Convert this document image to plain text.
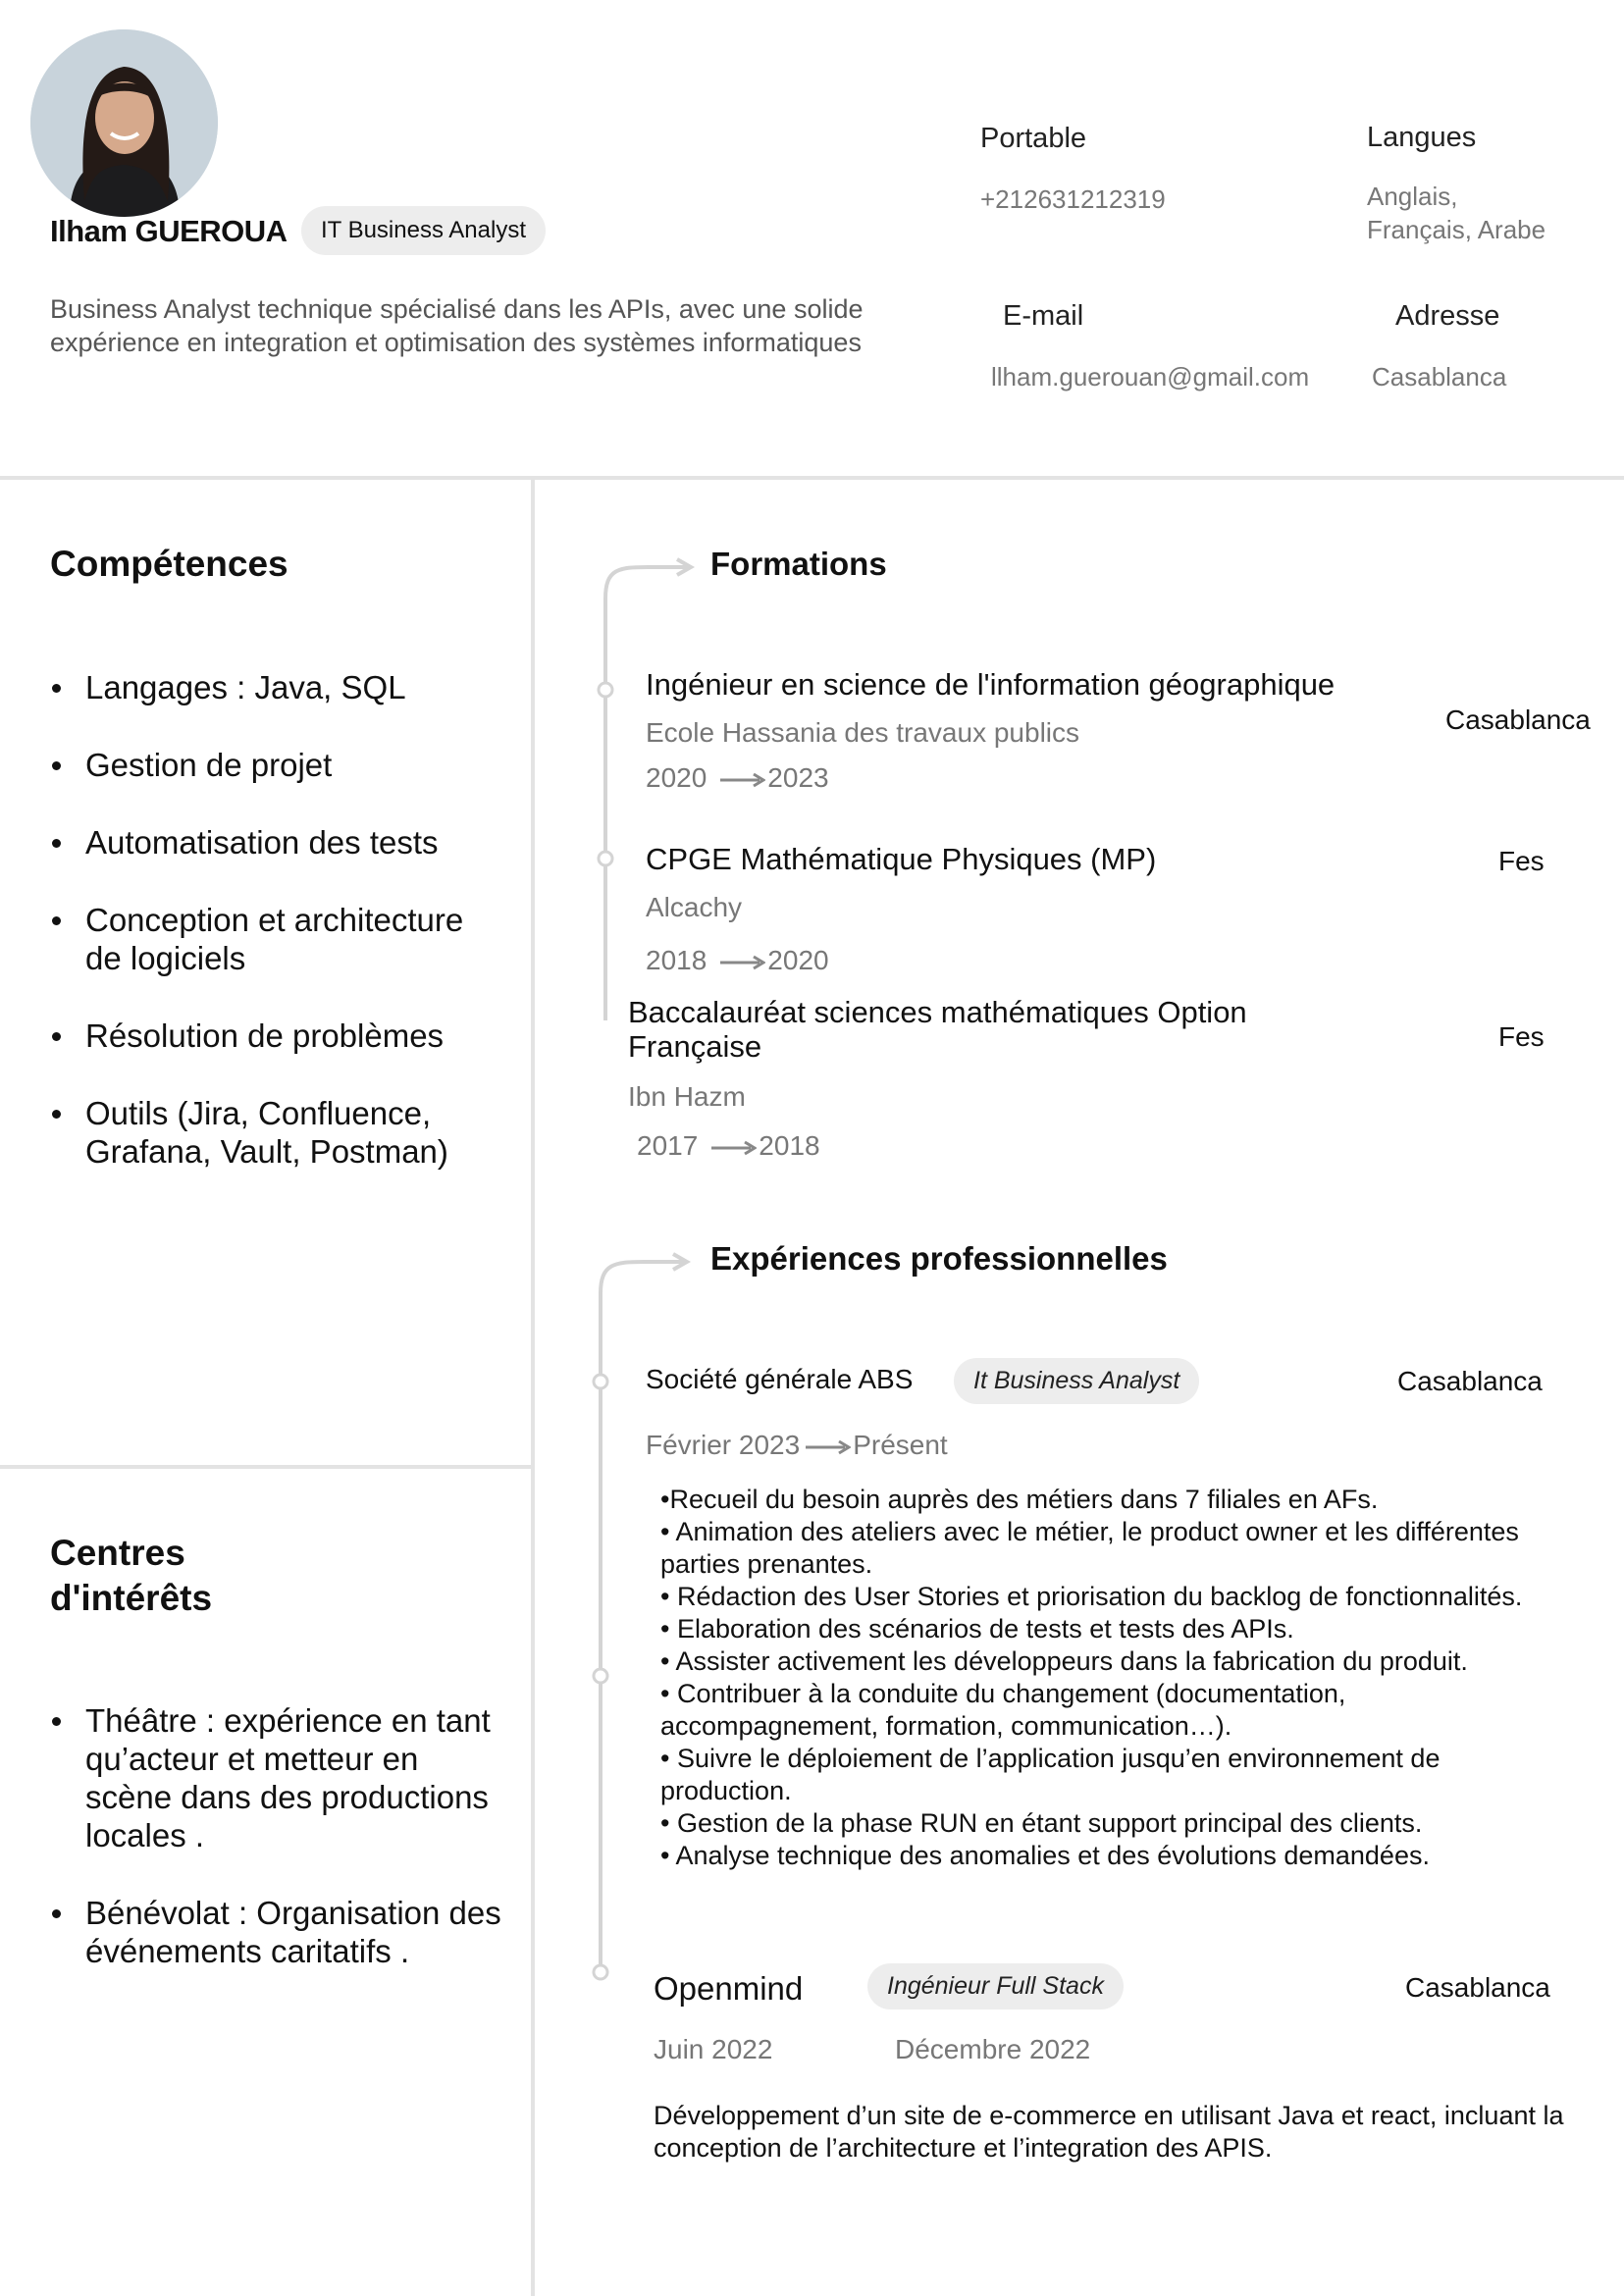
Ilham GUEROUA	IT Business Analyst
Business Analyst technique spécialisé dans les APIs, avec une solide expérience en integration et optimisation des systèmes informatiques
Portable
+212631212319
Langues
Anglais,
Français, Arabe
E-mail
llham.guerouan@gmail.com
Adresse
Casablanca
Compétences
Langages : Java, SQL
Gestion de projet
Automatisation des tests
Conception et architecture de logiciels
Résolution de problèmes
Outils (Jira, Confluence, Grafana, Vault, Postman)
Centres d'intérêts
Théâtre : expérience en tant qu’acteur et metteur en scène dans des productions locales .
Bénévolat : Organisation des événements caritatifs .
Formations
Ingénieur en science de l'information géographique
Ecole Hassania des travaux publics	Casablanca
2020 2023
CPGE Mathématique Physiques (MP)
Alcachy
Fes
2018 2020
Baccalauréat sciences mathématiques Option Française
Ibn Hazm
Fes
2017 2018
Expériences professionnelles
Société générale ABS	It Business Analyst	Casablanca
Février 2023 Présent
•Recueil du besoin auprès des métiers dans 7 filiales en AFs.
• Animation des ateliers avec le métier, le product owner et les différentes parties prenantes.
• Rédaction des User Stories et priorisation du backlog de fonctionnalités.
• Elaboration des scénarios de tests et tests des APIs.
• Assister activement les développeurs dans la fabrication du produit.
• Contribuer à la conduite du changement (documentation, accompagnement, formation, communication…).
• Suivre le déploiement de l’application jusqu’en environnement de production.
• Gestion de la phase RUN en étant support principal des clients.
• Analyse technique des anomalies et des évolutions demandées.
Openmind	Ingénieur Full Stack	Casablanca
Juin 2022	Décembre 2022
Développement d’un site de e-commerce en utilisant Java et react, incluant la conception de l’architecture et l’integration des APIS.
